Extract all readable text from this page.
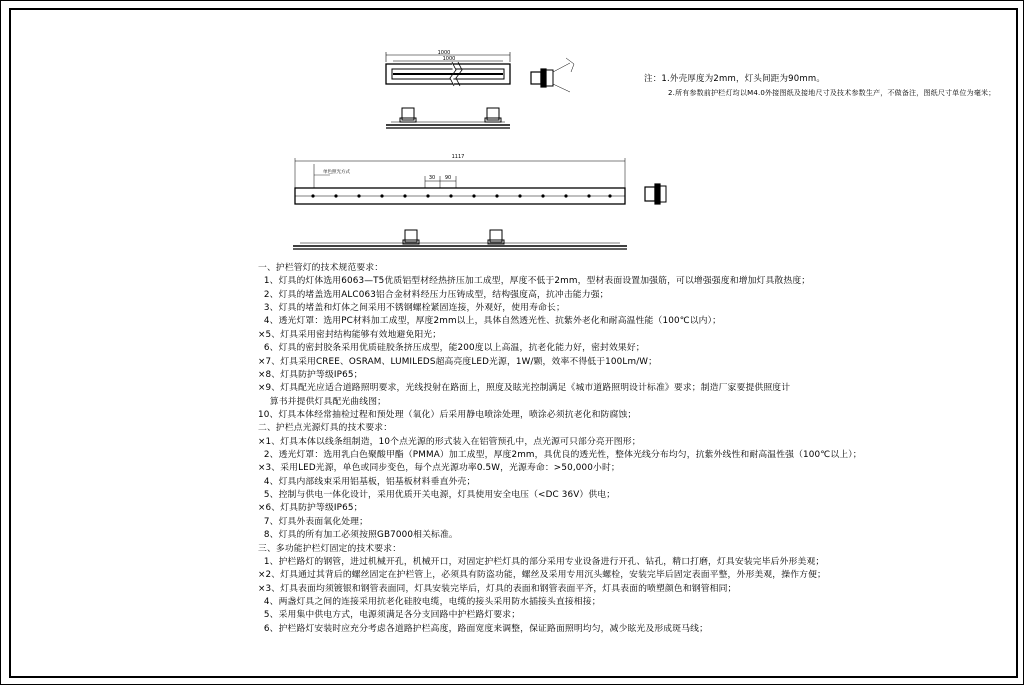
1000
1000
1117
30 90
单色照光方式
注：1.外壳厚度为2mm，灯头间距为90mm。
2.所有参数前护栏灯均以M4.0外接图纸及接地尺寸及技术参数生产，不做备注，图纸尺寸单位为毫米；
一、护栏管灯的技术规范要求：
1、灯具的灯体选用6063—T5优质铝型材经热挤压加工成型，厚度不低于2mm，型材表面设置加强筋，可以增强强度和增加灯具散热度；
2、灯具的堵盖选用ALC063铝合金材料经压力压铸成型，结构强度高，抗冲击能力强；
3、灯具的堵盖和灯体之间采用不锈钢螺栓紧固连接，外观好，使用寿命长；
4、透光灯罩：选用PC材料加工成型，厚度2mm以上，具体自然透光性、抗紫外老化和耐高温性能（100℃以内）；
×5、灯具采用密封结构能够有效地避免阳光；
6、灯具的密封胶条采用优质硅胶条挤压成型，能200度以上高温，抗老化能力好，密封效果好；
×7、灯具采用CREE、OSRAM、LUMILEDS超高亮度LED光源，1W/颗，效率不得低于100Lm/W；
×8、灯具防护等级IP65；
×9、灯具配光应适合道路照明要求，光线投射在路面上，照度及眩光控制满足《城市道路照明设计标准》要求；制造厂家要提供照度计
算书并提供灯具配光曲线图；
10、灯具本体经常抽检过程和预处理（氧化）后采用静电喷涂处理，喷涂必须抗老化和防腐蚀；
二、护栏点光源灯具的技术要求：
×1、灯具本体以线条组制造，10个点光源的形式装入在铝管预孔中，点光源可只部分亮开图形；
2、透光灯罩：选用乳白色聚酸甲酯（PMMA）加工成型，厚度2mm，具优良的透光性，整体光线分布均匀，抗紫外线性和耐高温性强（100℃以上）；
×3、采用LED光源，单色或同步变色，每个点光源功率0.5W，光源寿命：>50,000小时；
4、灯具内部线束采用铝基板，铝基板材料垂直外壳；
5、控制与供电一体化设计，采用优质开关电源，灯具使用安全电压（<DC 36V）供电；
×6、灯具防护等级IP65；
7、灯具外表面氧化处理；
8、灯具的所有加工必须按照GB7000相关标准。
三、多功能护栏灯固定的技术要求：
1、护栏路灯的钢管，进过机械开孔，机械开口，对固定护栏灯具的部分采用专业设备进行开孔、钻孔，精口打磨，灯具安装完毕后外形美观；
×2、灯具通过其背后的螺丝固定在护栏管上，必须具有防盗功能，螺丝及采用专用沉头螺栓，安装完毕后固定表面平整，外形美观，操作方便；
×3、灯具表面均须镀银和钢管表面同，灯具安装完毕后，灯具的表面和钢管表面平齐，灯具表面的喷塑颜色和钢管相同；
4、两盏灯具之间的连接采用抗老化硅胶电缆，电缆的接头采用防水插接头直接相接；
5、采用集中供电方式，电源须满足各分支回路中护栏路灯要求；
6、护栏路灯安装时应充分考虑各道路护栏高度，路面宽度来调整，保证路面照明均匀，减少眩光及形成斑马线；
